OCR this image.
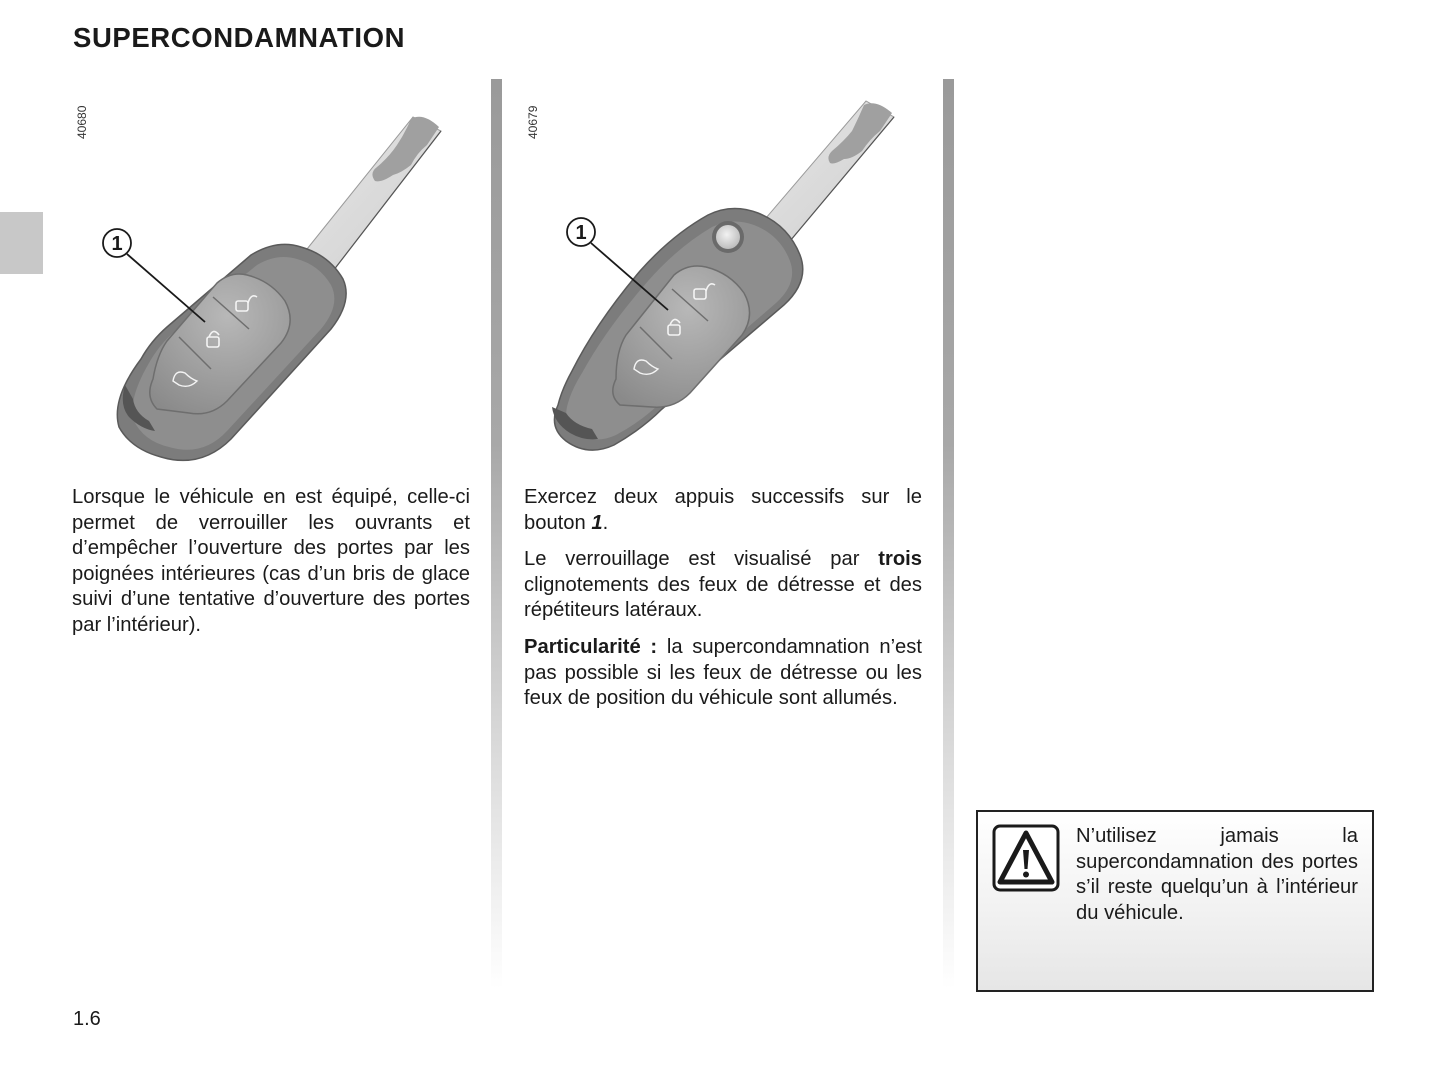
SUPERCONDAMNATION
40680
1
40679
1

Lorsque le véhicule en est équipé, celle-ci permet de verrouiller les ouvrants et d’empêcher l’ouverture des portes par les poignées intérieures (cas d’un bris de glace suivi d’une tentative d’ouverture des portes par l’intérieur).

Exercez deux appuis successifs sur le bouton 1.

Le verrouillage est visualisé par trois clignotements des feux de détresse et des répétiteurs latéraux.

Particularité : la supercondamnation n’est pas possible si les feux de détresse ou les feux de position du véhicule sont allumés.

N’utilisez jamais la supercondamnation des portes s’il reste quelqu’un à l’intérieur du véhicule.
1.6
